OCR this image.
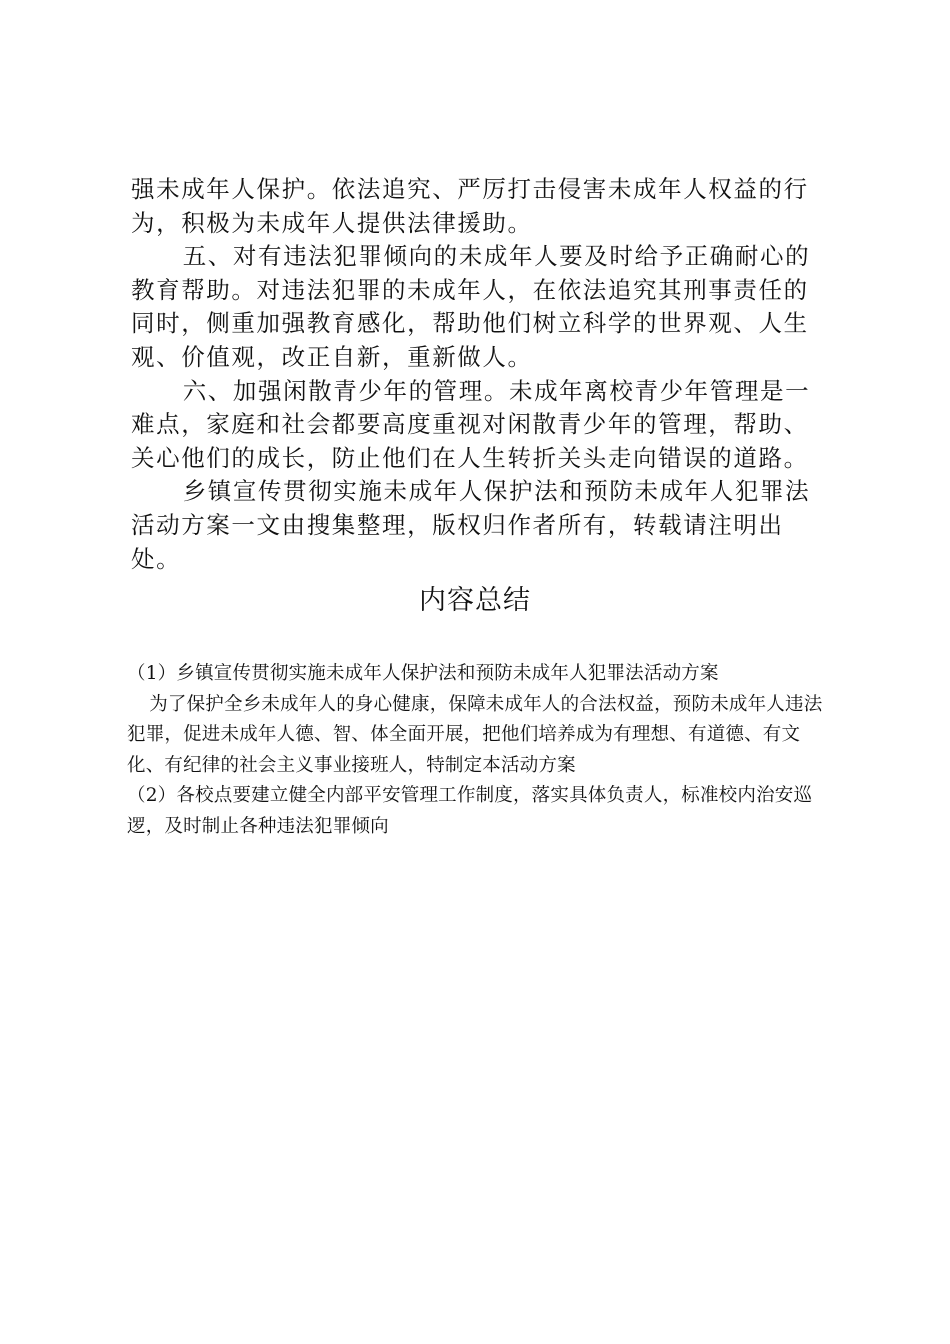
强未成年人保护。依法追究、严厉打击侵害未成年人权益的行为，积极为未成年人提供法律援助。

五、对有违法犯罪倾向的未成年人要及时给予正确耐心的教育帮助。对违法犯罪的未成年人，在依法追究其刑事责任的同时，侧重加强教育感化，帮助他们树立科学的世界观、人生观、价值观，改正自新，重新做人。

六、加强闲散青少年的管理。未成年离校青少年管理是一难点，家庭和社会都要高度重视对闲散青少年的管理，帮助、关心他们的成长，防止他们在人生转折关头走向错误的道路。

乡镇宣传贯彻实施未成年人保护法和预防未成年人犯罪法活动方案一文由搜集整理，版权归作者所有，转载请注明出处。

内容总结

（1）乡镇宣传贯彻实施未成年人保护法和预防未成年人犯罪法活动方案

为了保护全乡未成年人的身心健康，保障未成年人的合法权益，预防未成年人违法犯罪，促进未成年人德、智、体全面开展，把他们培养成为有理想、有道德、有文化、有纪律的社会主义事业接班人，特制定本活动方案

（2）各校点要建立健全内部平安管理工作制度，落实具体负责人，标准校内治安巡逻，及时制止各种违法犯罪倾向
